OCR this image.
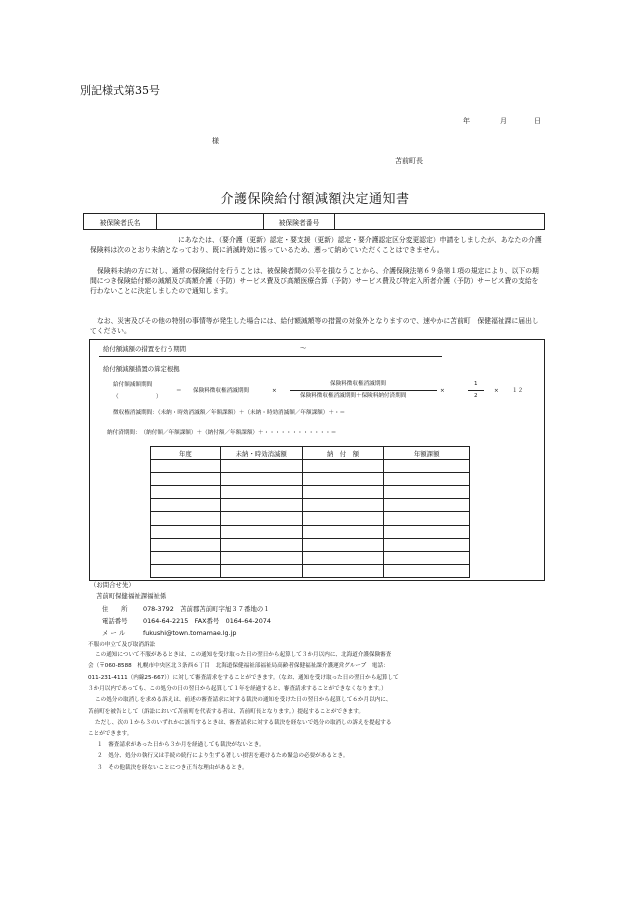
別記様式第35号
年	月	日
様
苫前町長
介護保険給付額減額決定通知書
被保険者氏名		被保険者番号	
にあなたは、（要介護（更新）認定・要支援（更新）認定・要介護認定区分変更認定）申請をしましたが、あなたの介護保険料は次のとおり未納となっており、既に消滅時効に係っているため、遡って納めていただくことはできません。
保険料未納の方に対し、通常の保険給付を行うことは、被保険者間の公平を損なうことから、介護保険法第６９条第１項の規定により、以下の期間につき保険給付額の減額及び高額介護（予防）サービス費及び高額医療合算（予防）サービス費及び特定入所者介護（予防）サービス費の支給を行わないことに決定しましたので通知します。
なお、災害及びその他の特別の事情等が発生した場合には、給付額減額等の措置の対象外となりますので、速やかに苫前町　保健福祉課に届出してください。
給付額減額の措置を行う期間	～
給付額減額措置の算定根拠
給付額減額期間
（	）
＝ 保険料徴収権消滅期間	×
保険料徴収権消滅期間
保険料徴収権消滅期間＋保険料納付済期間
×
1
2
× １２
徴収権消滅期間：（未納・時効消滅額／年額課額）＋（未納・時効消滅額／年額課額）＋・＝
納付済期間：　（納付額／年額課額）＋（納付額／年額課額）＋・・・・・・・・・・・・＝
年度	未納・時効消滅額	納　付　額	年額課額

（お問合せ先）
苫前町保健福祉課福祉係
住　　所 078-3792　苫前郡苫前町字旭３７番地の１
電話番号 0164-64-2215　FAX番号　0164-64-2074
メ ー ル	fukushi@town.tomamae.lg.jp
不服の申立て及び取消訴訟
この通知について不服があるときは、この通知を受け取った日の翌日から起算して３か月以内に、北海道介護保険審査
会（〒060-8588　札幌市中央区北３条西６丁目　北海道保健福祉部福祉局高齢者保健福祉課介護運営グループ　電話：
011-231-4111（内線25-667））に対して審査請求をすることができます。（なお、通知を受け取った日の翌日から起算して
３か月以内であっても、この処分の日の翌日から起算して１年を経過すると、審査請求することができなくなります。）
この処分の取消しを求める訴えは、前述の審査請求に対する裁決の通知を受けた日の翌日から起算して６か月以内に、
苫前町を被告として（訴訟において苫前町を代表する者は、苫前町長となります。）提起することができます。
ただし、次の１から３のいずれかに該当するときは、審査請求に対する裁決を経ないで処分の取消しの訴えを提起する
ことができます。
１　審査請求があった日から３か月を経過しても裁決がないとき。
２　処分、処分の執行又は手続の続行により生ずる著しい損害を避けるため緊急の必要があるとき。
３　その他裁決を経ないことにつき正当な理由があるとき。
